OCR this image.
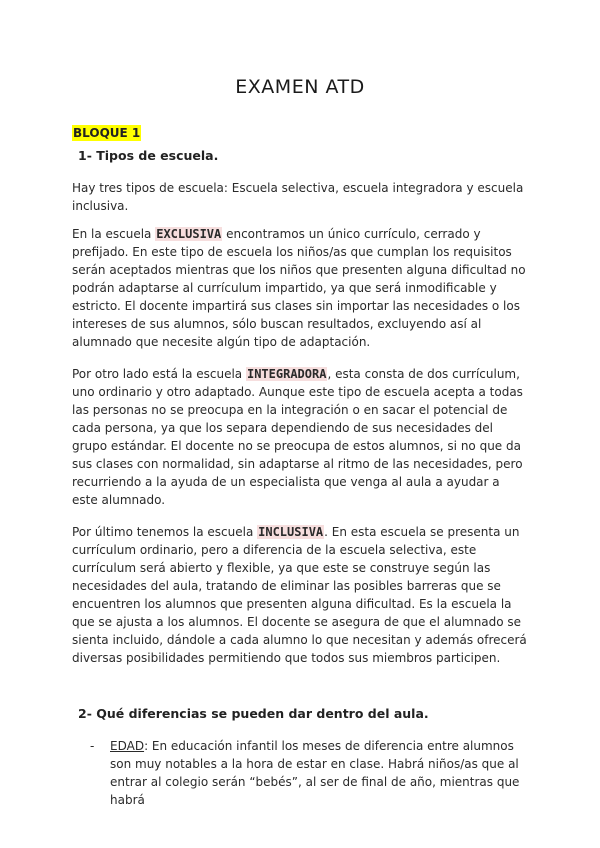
EXAMEN ATD
BLOQUE 1
1- Tipos de escuela.

Hay tres tipos de escuela: Escuela selectiva, escuela integradora y escuela inclusiva.

En la escuela EXCLUSIVA encontramos un único currículo, cerrado y prefijado. En este tipo de escuela los niños/as que cumplan los requisitos serán aceptados mientras que los niños que presenten alguna dificultad no podrán adaptarse al currículum impartido, ya que será inmodificable y estricto. El docente impartirá sus clases sin importar las necesidades o los intereses de sus alumnos, sólo buscan resultados, excluyendo así al alumnado que necesite algún tipo de adaptación.

Por otro lado está la escuela INTEGRADORA, esta consta de dos currículum, uno ordinario y otro adaptado. Aunque este tipo de escuela acepta a todas las personas no se preocupa en la integración o en sacar el potencial de cada persona, ya que los separa dependiendo de sus necesidades del grupo estándar. El docente no se preocupa de estos alumnos, si no que da sus clases con normalidad, sin adaptarse al ritmo de las necesidades, pero recurriendo a la ayuda de un especialista que venga al aula a ayudar a este alumnado.

Por último tenemos la escuela INCLUSIVA. En esta escuela se presenta un currículum ordinario, pero a diferencia de la escuela selectiva, este currículum será abierto y flexible, ya que este se construye según las necesidades del aula, tratando de eliminar las posibles barreras que se encuentren los alumnos que presenten alguna dificultad. Es la escuela la que se ajusta a los alumnos. El docente se asegura de que el alumnado se sienta incluido, dándole a cada alumno lo que necesitan y además ofrecerá diversas posibilidades permitiendo que todos sus miembros participen.

2- Qué diferencias se pueden dar dentro del aula.
- EDAD: En educación infantil los meses de diferencia entre alumnos son muy notables a la hora de estar en clase. Habrá niños/as que al entrar al colegio serán “bebés”, al ser de final de año, mientras que habrá
